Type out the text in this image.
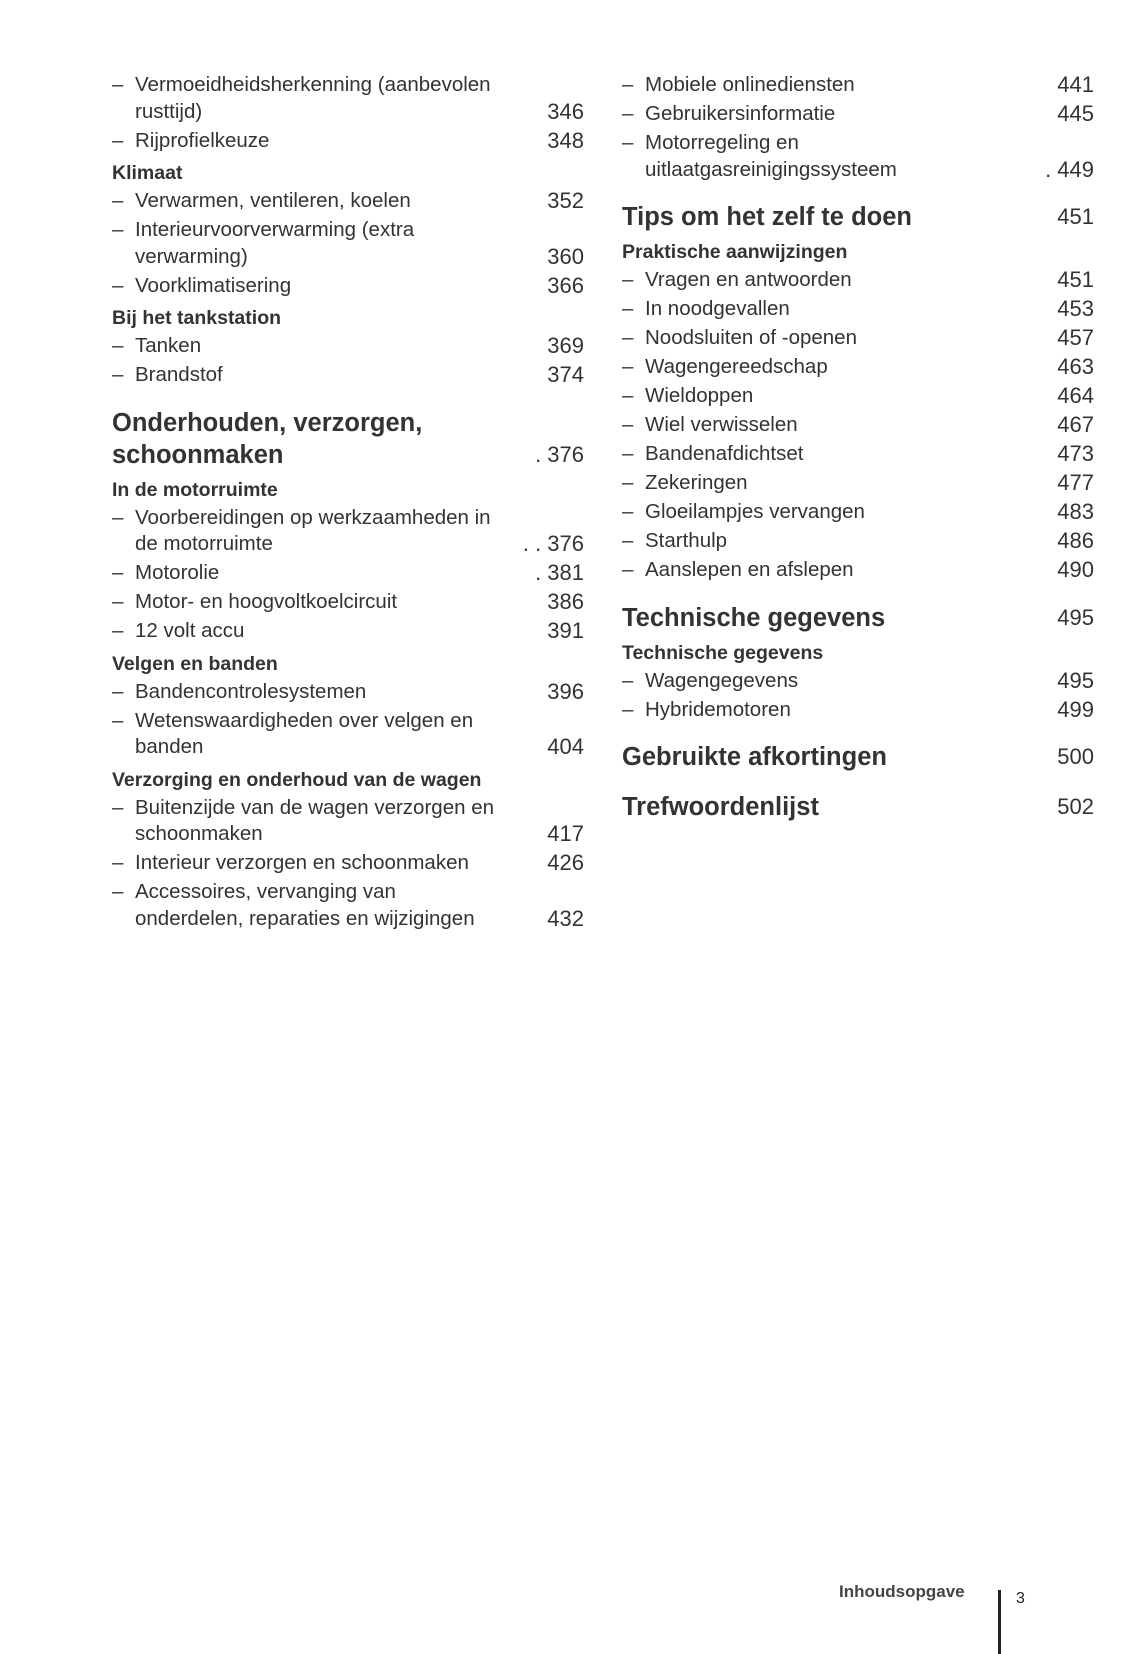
– Vermoeidheidsherkenning (aanbevolen
rusttijd)	346
– Rijprofielkeuze	348
Klimaat
– Verwarmen, ventileren, koelen	352
– Interieurvoorverwarming (extra
verwarming)	360
– Voorklimatisering	366
Bij het tankstation
– Tanken	369
– Brandstof	374
Onderhouden, verzorgen,
schoonmaken	. 376
In de motorruimte
– Voorbereidingen op werkzaamheden in
de motorruimte	. . 376
– Motorolie	. 381
– Motor- en hoogvoltkoelcircuit	386
– 12 volt accu	391
Velgen en banden
– Bandencontrolesystemen	396
– Wetenswaardigheden over velgen en
banden	404
Verzorging en onderhoud van de wagen
– Buitenzijde van de wagen verzorgen en
schoonmaken	417
– Interieur verzorgen en schoonmaken	426
– Accessoires, vervanging van
onderdelen, reparaties en wijzigingen	432
– Mobiele onlinediensten	441
– Gebruikersinformatie	445
– Motorregeling en
uitlaatgasreinigingssysteem	. 449
Tips om het zelf te doen	451
Praktische aanwijzingen
– Vragen en antwoorden	451
– In noodgevallen	453
– Noodsluiten of -openen	457
– Wagengereedschap	463
– Wieldoppen	464
– Wiel verwisselen	467
– Bandenafdichtset	473
– Zekeringen	477
– Gloeilampjes vervangen	483
– Starthulp	486
– Aanslepen en afslepen	490
Technische gegevens	495
Technische gegevens
– Wagengegevens	495
– Hybridemotoren	499
Gebruikte afkortingen	500
Trefwoordenlijst	502
Inhoudsopgave	3
